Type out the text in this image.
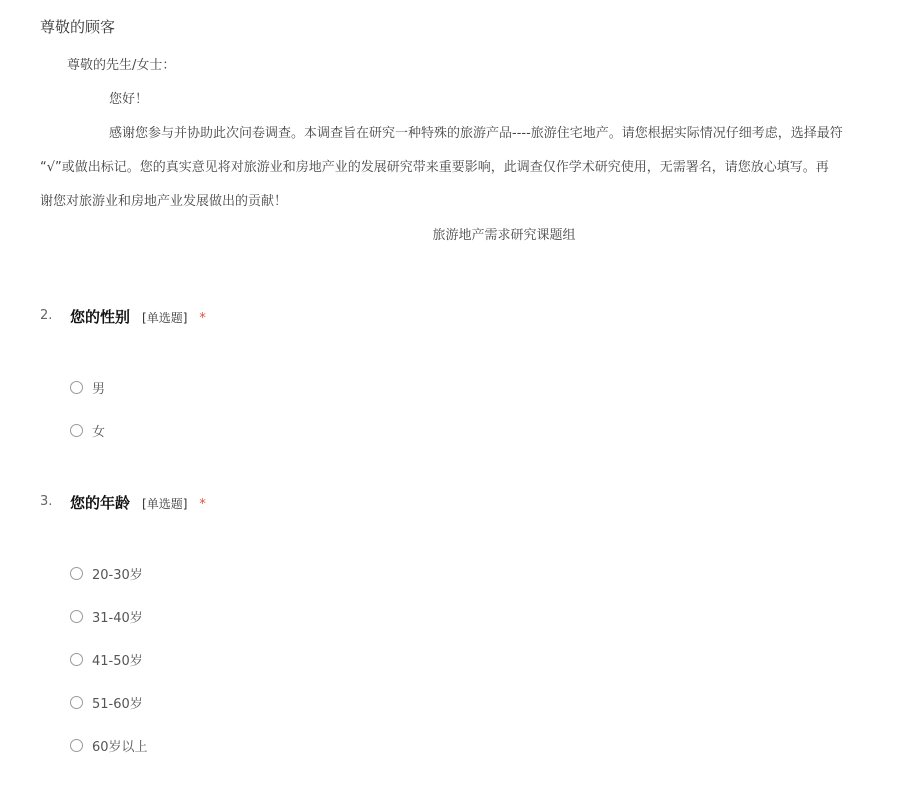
尊敬的顾客
尊敬的先生/女士：
您好！
感谢您参与并协助此次问卷调查。本调查旨在研究一种特殊的旅游产品----旅游住宅地产。请您根据实际情况仔细考虑，选择最符
“√”或做出标记。您的真实意见将对旅游业和房地产业的发展研究带来重要影响，此调查仅作学术研究使用，无需署名，请您放心填写。再
谢您对旅游业和房地产业发展做出的贡献！
旅游地产需求研究课题组
2. 您的性别 [单选题] *
男
女
3. 您的年龄 [单选题] *
20-30岁
31-40岁
41-50岁
51-60岁
60岁以上
